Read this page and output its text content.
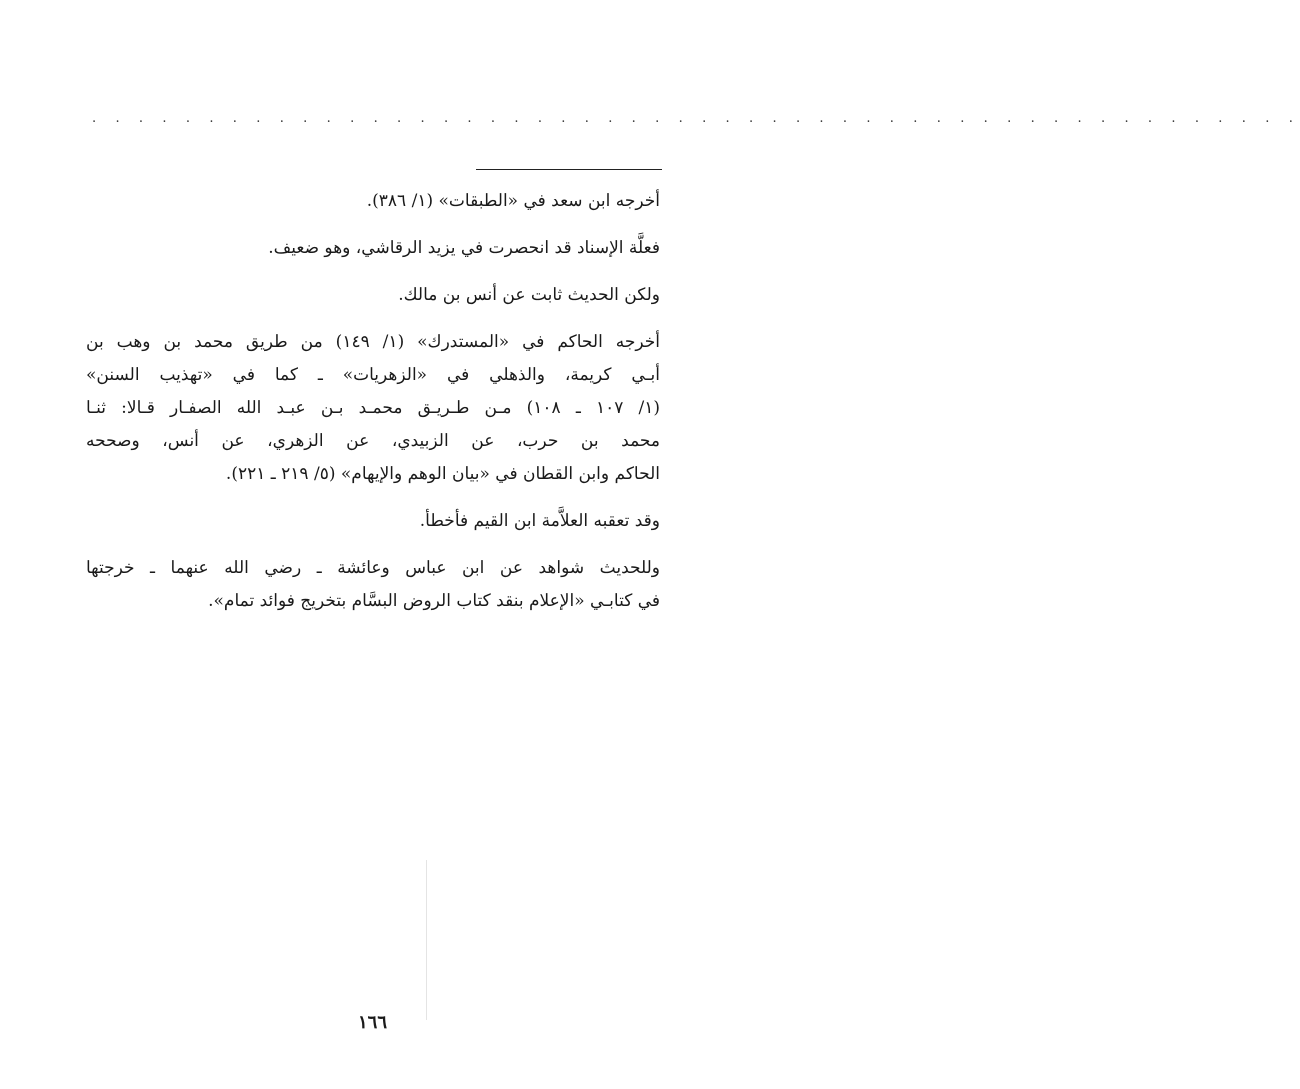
. . . . . . . . . . . . . . . . . . . . . . . . . . . . . . . . . . . . . . . . . . . . . . . . . . . .

أخرجه ابن سعد في «الطبقات» (١/ ٣٨٦).

فعلَّة الإسناد قد انحصرت في يزيد الرقاشي، وهو ضعيف.

ولكن الحديث ثابت عن أنس بن مالك.

أخرجه الحاكم في «المستدرك» (١/ ١٤٩) من طريق محمد بن وهب بن
أبـي كريمة، والذهلي في «الزهريات» ـ كما في «تهذيب السنن»
(١/ ١٠٧ ـ ١٠٨) مـن طـريـق محمـد بـن عبـد الله الصفـار قـالا: ثنـا
محمد بن حرب، عن الزبيدي، عن الزهري، عن أنس، وصححه
الحاكم وابن القطان في «بيان الوهم والإيهام» (٥/ ٢١٩ ـ ٢٢١).

وقد تعقبه العلاَّمة ابن القيم فأخطأ.

وللحديث شواهد عن ابن عباس وعائشة ـ رضي الله عنهما ـ خرجتها
في كتابـي «الإعلام بنقد كتاب الروض البسَّام بتخريج فوائد تمام».

١٦٦
